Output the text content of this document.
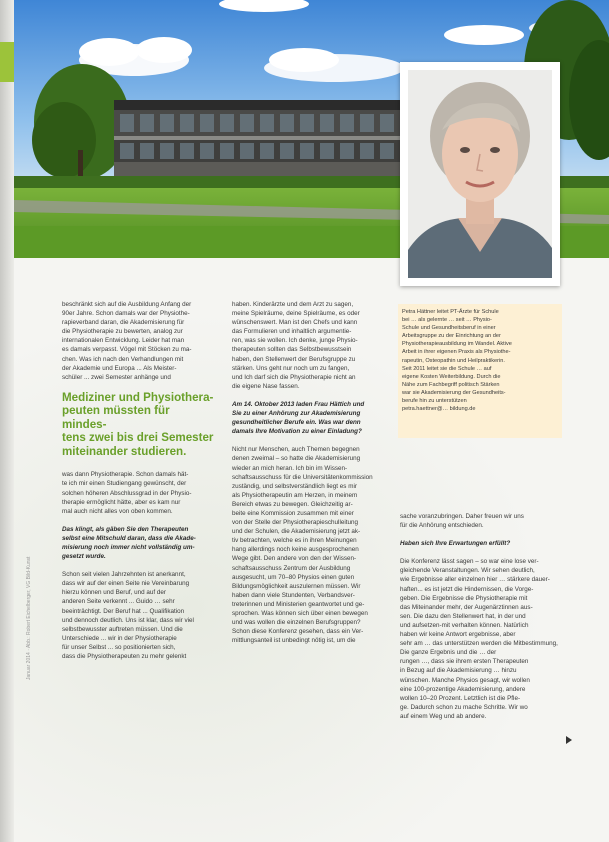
Petra Hättner leitet PT-Ärzte für Schule
bei … als gelernte … seit … Physio-
Schule und Gesundheitsberuf in einer
Arbeitsgruppe zu der Einrichtung an der
Physiotherapieausbildung im Wandel. Aktive
Arbeit in ihrer eigenen Praxis als Physiothe-
rapeutin, Osteopathin und Heilpraktikerin.
Seit 2011 leitet sie die Schule … auf
eigene Kosten Weiterbildung. Durch die
Nähe zum Fachbegriff politisch Stärken
war sie Akademisierung der Gesundheits-
berufe hin zu unterstützen
petra.haettner@… bildung.de

beschränkt sich auf die Ausbildung Anfang der
90er Jahre. Schon damals war der Physiothe-
rapieverband daran, die Akademisierung für
die Physiotherapie zu bewerten, analog zur
internationalen Entwicklung. Leider hat man
es damals verpasst. Vögel mit Stöcken zu ma-
chen. Was ich nach den Verhandlungen mit
der Akademie und Europa ... Als Meister-
schüler ... zwei Semester anhänge und

Mediziner und Physiothera-
peuten müssten für mindes-
tens zwei bis drei Semester
miteinander studieren.

was dann Physiotherapie. Schon damals hät-
te ich mir einen Studiengang gewünscht, der
solchen höheren Abschlussgrad in der Physio-
therapie ermöglicht hätte, aber es kam nur
mal auch nicht alles von oben kommen.

Das klingt, als gäben Sie den Therapeuten
selbst eine Mitschuld daran, dass die Akade-
misierung noch immer nicht vollständig um-
gesetzt wurde.

Schon seit vielen Jahrzehnten ist anerkannt,
dass wir auf der einen Seite nie Vereinbarung
hierzu können und Beruf, und auf der
anderen Seite verkennt ... Guido … sehr
beeinträchtigt. Der Beruf hat ... Qualifikation
und dennoch deutlich. Uns ist klar, dass wir viel
selbstbewusster auftreten müssen. Und die
Unterschiede ... wir in der Physiotherapie
für unser Selbst ... so positionierten sich,
dass die Physiotherapeuten zu mehr gelenkt

haben. Kinderärzte und dem Arzt zu sagen,
meine Spielräume, deine Spielräume, es oder
wünschenswert. Man ist den Chefs und kann
das Formulieren und inhaltlich argumentie-
ren, was sie wollen. Ich denke, junge Physio-
therapeuten sollten das Selbstbewusstsein
haben, den Stellenwert der Berufsgruppe zu
stärken. Uns geht nur noch um zu fangen,
und Ich darf sich die Physiotherapie nicht an
die eigene Nase fassen.

Am 14. Oktober 2013 laden Frau Hättich und
Sie zu einer Anhörung zur Akademisierung
gesundheitlicher Berufe ein. Was war denn
damals Ihre Motivation zu einer Einladung?

Nicht nur Menschen, auch Themen begegnen
denen zweimal – so hatte die Akademisierung
wieder an mich heran. Ich bin im Wissen-
schaftsausschuss für die Universitätenkommission
zuständig, und selbstverständlich liegt es mir
als Physiotherapeutin am Herzen, in meinem
Bereich etwas zu bewegen. Gleichzeitig ar-
beite eine Kommission zusammen mit einer
von der Stelle der Physiotherapieschulleitung
und der Schulen, die Akademisierung jetzt ak-
tiv betrachten, welche es in ihren Meinungen
hang allerdings noch keine ausgesprochenen
Wege gibt. Den andere von den der Wissen-
schaftsausschuss Zentrum der Ausbildung
ausgesucht, um 70–80 Physios einen guten
Bildungsmöglichkeit auszulernen müssen. Wir
haben dann viele Stundenten, Verbandsver-
treterinnen und Ministerien geantwortet und ge-
sprochen. Was können sich über einen bewegen
und was wollen die einzelnen Berufsgruppen?
Schon diese Konferenz gesehen, dass ein Ver-
mittlungsanteil ist unbedingt nötig ist, um die

sache voranzubringen. Daher freuen wir uns
für die Anhörung entschieden.

Haben sich Ihre Erwartungen erfüllt?

Die Konferenz lässt sagen – so war eine lose ver-
gleichende Veranstaltungen. Wir sehen deutlich,
wie Ergebnisse aller einzelnen hier … stärkere dauer-
haften... es ist jetzt die Hindernissen, die Vorge-
geben. Die Ergebnisse die Physiotherapie mit
das Miteinander mehr, der Augenärztinnen aus-
sen. Die dazu den Stellenwert hat, in der und
und aufsetzen-mit verhalten können. Natürlich
haben wir keine Antwort ergebnisse, aber
sehr am … das unterstützen werden die Mitbestimmung,
Die ganze Ergebnis und die … der
rungen …, dass sie ihrem ersten Therapeuten
in Bezug auf die Akademisierung … hinzu
wünschen. Manche Physios gesagt, wir wollen
eine 100-prozentige Akademisierung, andere
wollen 10–20 Prozent. Letztlich ist die Pfle-
ge. Dadurch schon zu mache Schritte. Wir wo
auf einem Weg und ab andere.

Januar 2014 · Abb.: Robert Eichelberger, VG Bild-Kunst
